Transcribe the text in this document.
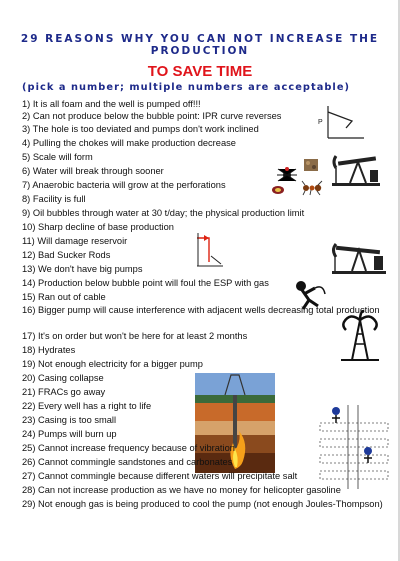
29 REASONS WHY YOU CAN NOT INCREASE THE
PRODUCTION
TO SAVE TIME
(pick a number; multiple numbers are acceptable)
P
1) It is all foam and the well is pumped off!!!
2) Can not produce below the bubble point: IPR curve reverses
3) The hole is too deviated and pumps don't work inclined
4) Pulling the chokes will make production decrease
5) Scale will form
6) Water will break through sooner
7) Anaerobic bacteria will grow at the perforations
8) Facility is full
9) Oil bubbles through water at 30 t/day; the physical production limit
10) Sharp decline of base production
11) Will damage reservoir
12) Bad Sucker Rods
13) We don't have big pumps
14) Production below bubble point will foul the ESP with gas
15) Ran out of cable
16) Bigger pump will cause interference with adjacent wells decreasing total production
17) It's on order but won't be here for at least 2 months
18) Hydrates
19) Not enough electricity for a bigger pump
20) Casing collapse
21) FRACs go away
22) Every well has a right to life
23) Casing is too small
24) Pumps will burn up
25) Cannot increase frequency because of vibration
26) Cannot commingle sandstones and carbonates
27) Cannot commingle because different waters will precipitate salt
28) Can not increase production as we have no money for helicopter gasoline
29) Not enough gas is being produced to cool the pump (not enough Joules-Thompson)
